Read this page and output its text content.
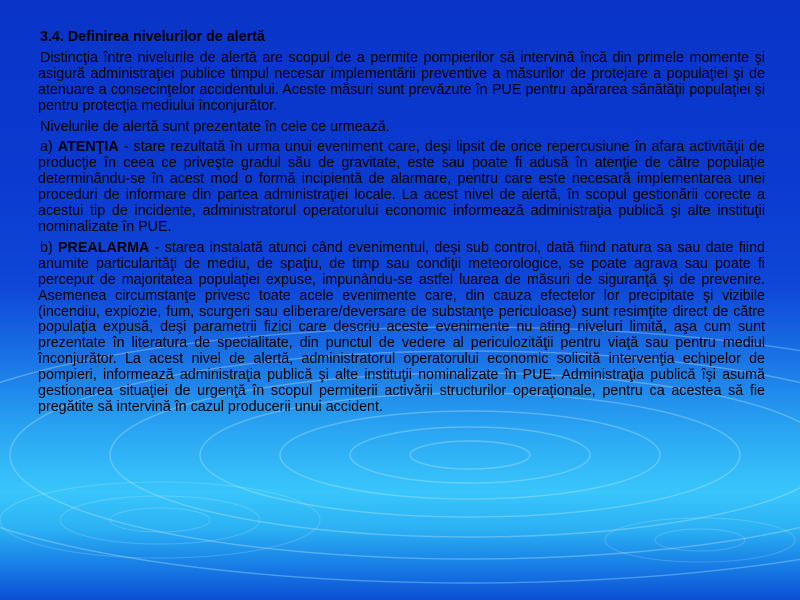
3.4. Definirea nivelurilor de alertă

Distincţia între nivelurile de alertă are scopul de a permite pompierilor să intervină încă din primele momente şi asigură administraţiei publice timpul necesar implementării preventive a măsurilor de protejare a populaţiei şi de atenuare a consecinţelor accidentului. Aceste măsuri sunt prevăzute în PUE pentru apărarea sănătăţii populaţiei şi pentru protecţia mediului înconjurător.

Nivelurile de alertă sunt prezentate în cele ce urmează.

a) ATENŢIA - stare rezultată în urma unui eveniment care, deşi lipsit de orice repercusiune în afara activităţii de producţie în ceea ce priveşte gradul său de gravitate, este sau poate fi adusă în atenţie de către populaţie determinându-se în acest mod o formă incipientă de alarmare, pentru care este necesară implementarea unei proceduri de informare din partea administraţiei locale. La acest nivel de alertă, în scopul gestionării corecte a acestui tip de incidente, administratorul operatorului economic informează administraţia publică şi alte instituţii nominalizate în PUE.

b) PREALARMA - starea instalată atunci când evenimentul, deşi sub control, dată fiind natura sa sau date fiind anumite particularităţi de mediu, de spaţiu, de timp sau condiţii meteorologice, se poate agrava sau poate fi perceput de majoritatea populaţiei expuse, impunându-se astfel luarea de măsuri de siguranţă şi de prevenire. Asemenea circumstanţe privesc toate acele evenimente care, din cauza efectelor lor precipitate şi vizibile (incendiu, explozie, fum, scurgeri sau eliberare/deversare de substanţe periculoase) sunt resimţite direct de către populaţia expusă, deşi parametrii fizici care descriu aceste evenimente nu ating niveluri limită, aşa cum sunt prezentate în literatura de specialitate, din punctul de vedere al periculozităţii pentru viaţă sau pentru mediul înconjurător. La acest nivel de alertă, administratorul operatorului economic solicită intervenţia echipelor de pompieri, informează administraţia publică şi alte instituţii nominalizate în PUE. Administraţia publică îşi asumă gestionarea situaţiei de urgenţă în scopul permiterii activării structurilor operaţionale, pentru ca acestea să fie pregătite să intervină în cazul producerii unui accident.
